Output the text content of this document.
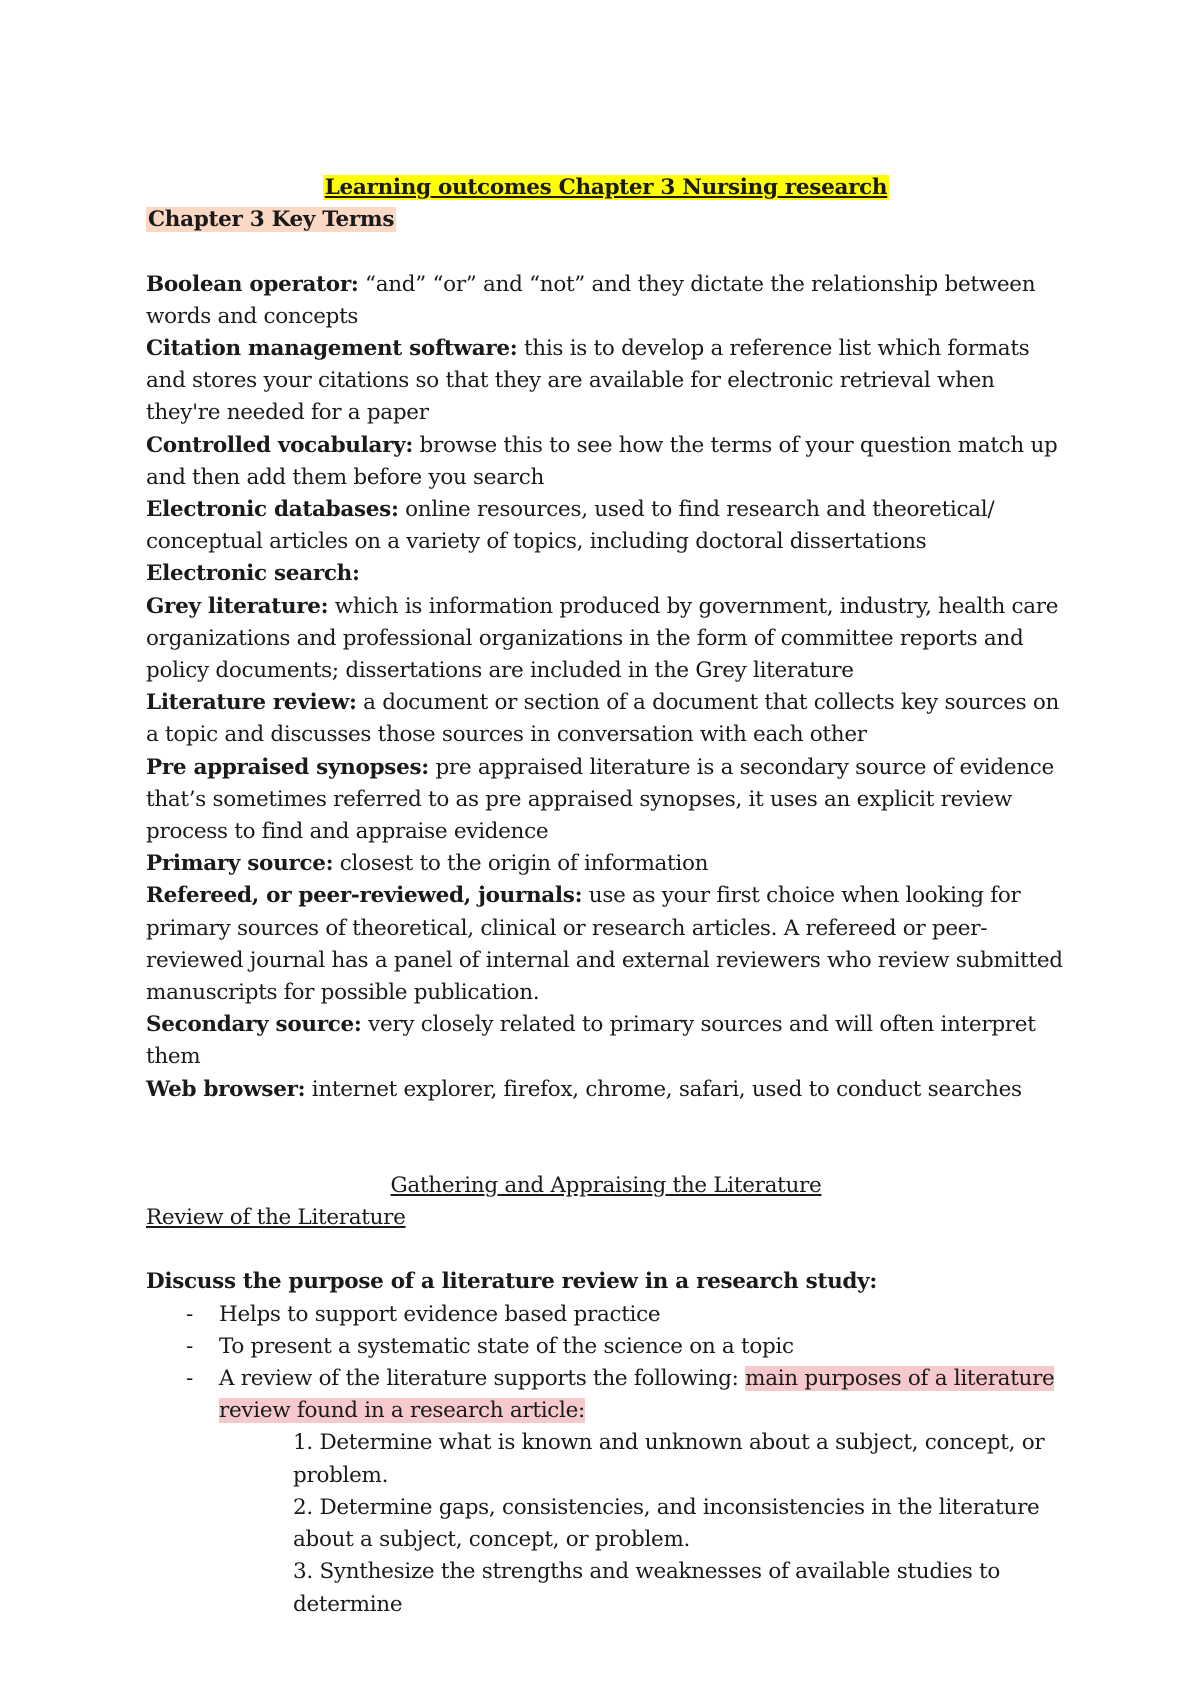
Learning outcomes Chapter 3 Nursing research
Chapter 3 Key Terms
Boolean operator: “and” “or” and “not” and they dictate the relationship between words and concepts
Citation management software: this is to develop a reference list which formats and stores your citations so that they are available for electronic retrieval when they're needed for a paper
Controlled vocabulary: browse this to see how the terms of your question match up and then add them before you search
Electronic databases: online resources, used to find research and theoretical/ conceptual articles on a variety of topics, including doctoral dissertations
Electronic search:
Grey literature: which is information produced by government, industry, health care organizations and professional organizations in the form of committee reports and policy documents; dissertations are included in the Grey literature
Literature review: a document or section of a document that collects key sources on a topic and discusses those sources in conversation with each other
Pre appraised synopses: pre appraised literature is a secondary source of evidence that’s sometimes referred to as pre appraised synopses, it uses an explicit review process to find and appraise evidence
Primary source: closest to the origin of information
Refereed, or peer-reviewed, journals: use as your first choice when looking for primary sources of theoretical, clinical or research articles. A refereed or peer-reviewed journal has a panel of internal and external reviewers who review submitted manuscripts for possible publication.
Secondary source: very closely related to primary sources and will often interpret them
Web browser: internet explorer, firefox, chrome, safari, used to conduct searches
Gathering and Appraising the Literature
Review of the Literature
Discuss the purpose of a literature review in a research study:
- Helps to support evidence based practice
- To present a systematic state of the science on a topic
- A review of the literature supports the following: main purposes of a literature review found in a research article:
1. Determine what is known and unknown about a subject, concept, or problem.
2. Determine gaps, consistencies, and inconsistencies in the literature about a subject, concept, or problem.
3. Synthesize the strengths and weaknesses of available studies to determine
